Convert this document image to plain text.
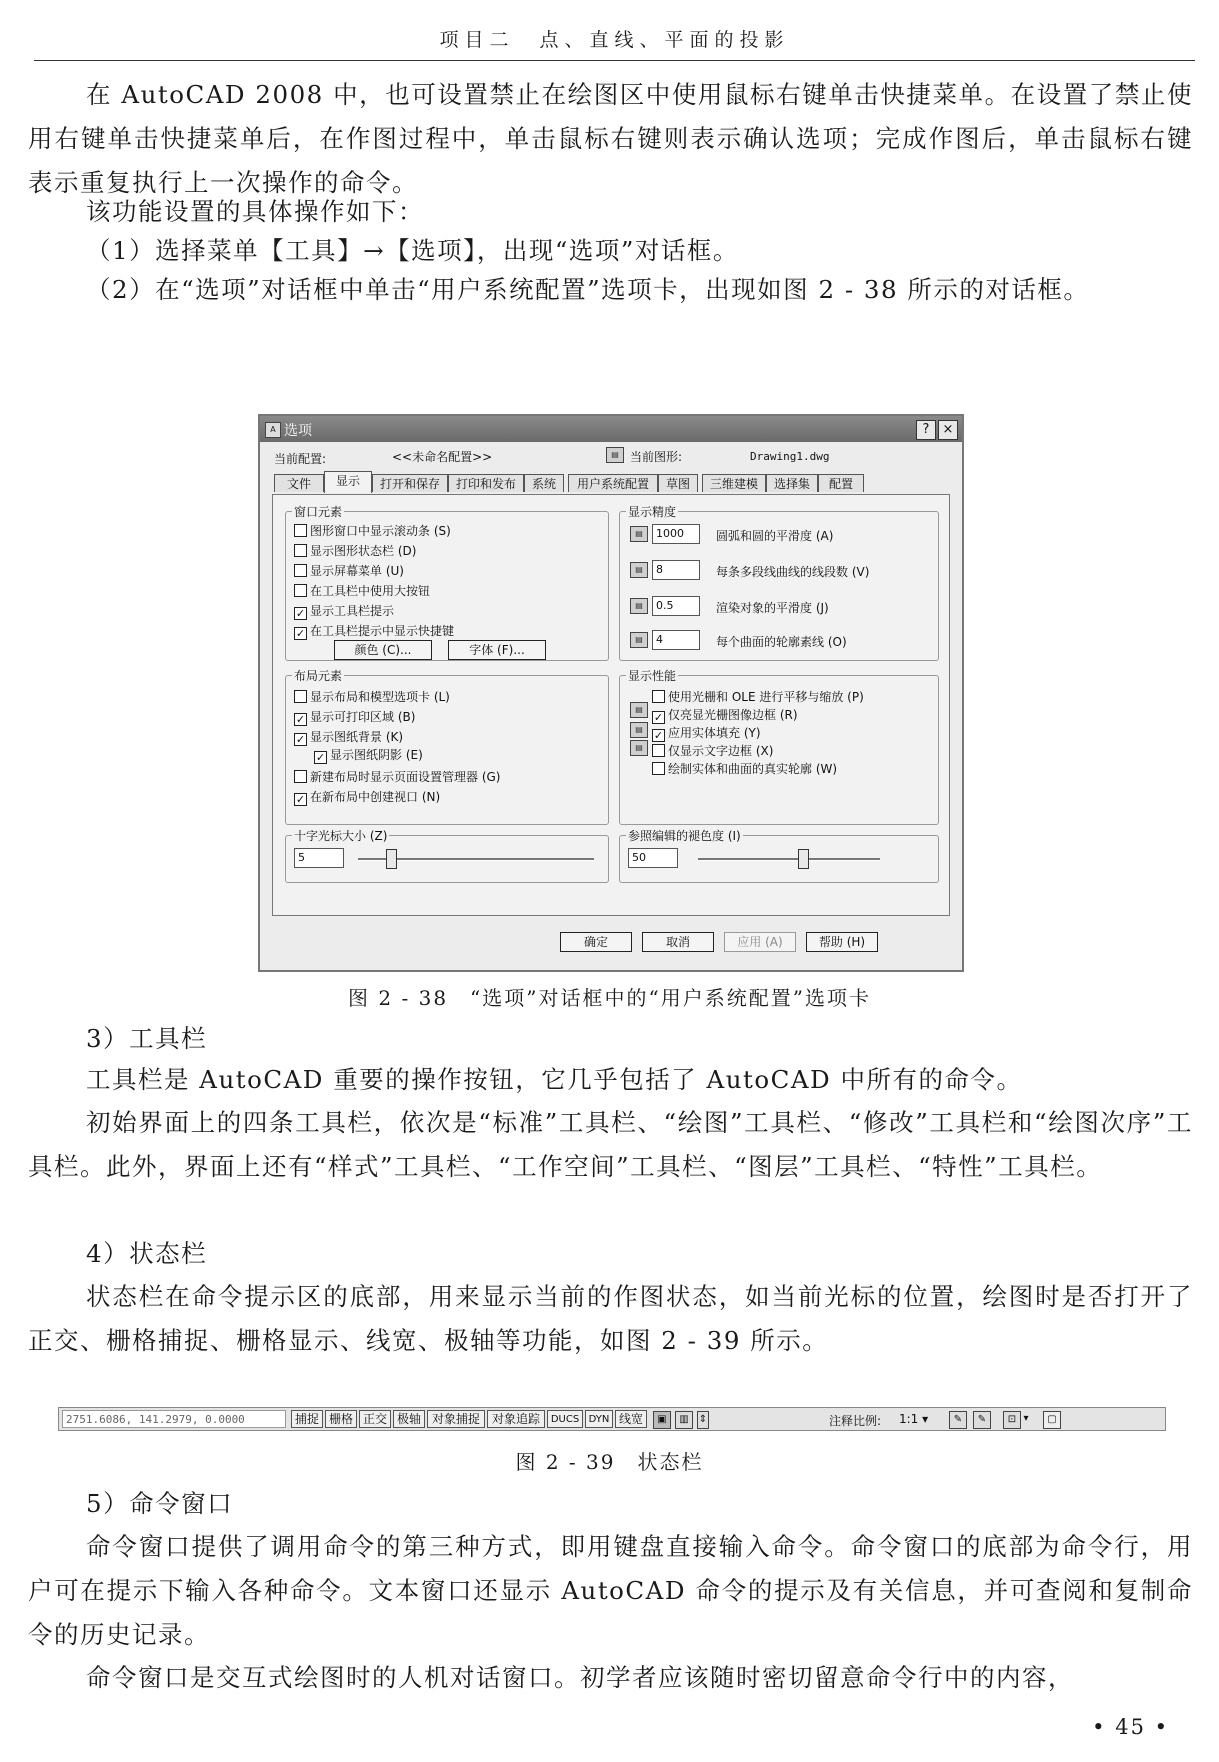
项目二　点、直线、平面的投影

在 AutoCAD 2008 中，也可设置禁止在绘图区中使用鼠标右键单击快捷菜单。在设置了禁止使用右键单击快捷菜单后，在作图过程中，单击鼠标右键则表示确认选项；完成作图后，单击鼠标右键表示重复执行上一次操作的命令。

该功能设置的具体操作如下：

（1）选择菜单【工具】→【选项】，出现“选项”对话框。

（2）在“选项”对话框中单击“用户系统配置”选项卡，出现如图 2 - 38 所示的对话框。

A 选项	?	×
当前配置:	<<未命名配置>>	▤ 当前图形:	Drawing1.dwg
文件	显示	打开和保存	打印和发布	系统	用户系统配置	草图	三维建模	选择集	配置
窗口元素
图形窗口中显示滚动条 (S)
显示图形状态栏 (D)
显示屏幕菜单 (U)
在工具栏中使用大按钮
✓ 显示工具栏提示
✓ 在工具栏提示中显示快捷键
颜色 (C)...	字体 (F)...
布局元素
显示布局和模型选项卡 (L)
✓ 显示可打印区域 (B)
✓ 显示图纸背景 (K)
✓ 显示图纸阴影 (E)
新建布局时显示页面设置管理器 (G)
✓ 在新布局中创建视口 (N)
十字光标大小 (Z)
5
显示精度
▤	1000	圆弧和圆的平滑度 (A)
▤	8	每条多段线曲线的线段数 (V)
▤	0.5	渲染对象的平滑度 (J)
▤	4	每个曲面的轮廓素线 (O)
显示性能
▤
▤
▤
使用光栅和 OLE 进行平移与缩放 (P)
✓ 仅亮显光栅图像边框 (R)
✓ 应用实体填充 (Y)
仅显示文字边框 (X)
绘制实体和曲面的真实轮廓 (W)
参照编辑的褪色度 (I)
50
确定	取消	应用 (A)	帮助 (H)
图 2 - 38　“选项”对话框中的“用户系统配置”选项卡

3）工具栏

工具栏是 AutoCAD 重要的操作按钮，它几乎包括了 AutoCAD 中所有的命令。

初始界面上的四条工具栏，依次是“标准”工具栏、“绘图”工具栏、“修改”工具栏和“绘图次序”工具栏。此外，界面上还有“样式”工具栏、“工作空间”工具栏、“图层”工具栏、“特性”工具栏。

4）状态栏

状态栏在命令提示区的底部，用来显示当前的作图状态，如当前光标的位置，绘图时是否打开了正交、栅格捕捉、栅格显示、线宽、极轴等功能，如图 2 - 39 所示。

2751.6086, 141.2979, 0.0000	捕捉 栅格 正交 极轴 对象捕捉 对象追踪	DUCS DYN 线宽	▣	▥	⇕	注释比例: 1:1 ▾	✎	✎	⊡ ▾	▢
图 2 - 39　状态栏

5）命令窗口

命令窗口提供了调用命令的第三种方式，即用键盘直接输入命令。命令窗口的底部为命令行，用户可在提示下输入各种命令。文本窗口还显示 AutoCAD 命令的提示及有关信息，并可查阅和复制命令的历史记录。

命令窗口是交互式绘图时的人机对话窗口。初学者应该随时密切留意命令行中的内容，

• 45 •
